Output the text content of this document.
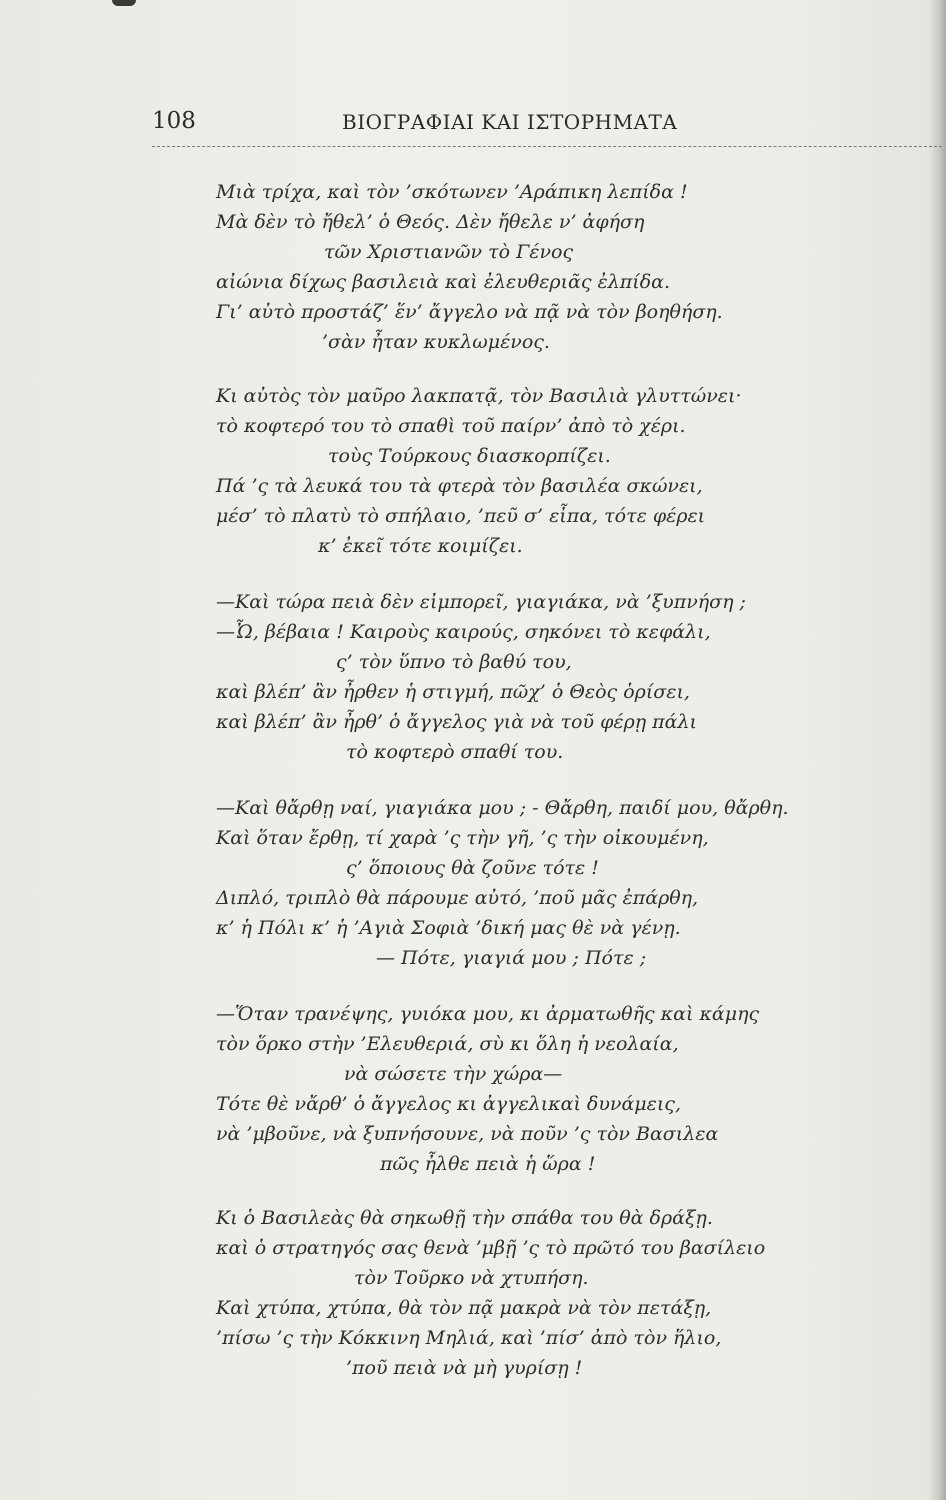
108	ΒΙΟΓΡΑΦΙΑΙ ΚΑΙ ΙΣΤΟΡΗΜΑΤΑ
Μιὰ τρίχα, καὶ τὸν ’σκότωνεν ’Αράπικη λεπίδα !
Μὰ δὲν τὸ ἤθελ’ ὁ Θεός. Δὲν ἤθελε ν’ ἀφήση
τῶν Χριστιανῶν τὸ Γένος
αἰώνια δίχως βασιλειὰ καὶ ἐλευθεριᾶς ἐλπίδα.
Γι’ αὐτὸ προστάζ’ ἕν’ ἄγγελο νὰ πᾷ νὰ τὸν βοηθήση.
’σὰν ἦταν κυκλωμένος.
Κι αὐτὸς τὸν μαῦρο λακπατᾷ, τὸν Βασιλιὰ γλυττώνει·
τὸ κοφτερό του τὸ σπαθὶ τοῦ παίρν’ ἀπὸ τὸ χέρι.
τοὺς Τούρκους διασκορπίζει.
Πά ’ς τὰ λευκά του τὰ φτερὰ τὸν βασιλέα σκώνει,
μέσ’ τὸ πλατὺ τὸ σπήλαιο, ’πεῦ σ’ εἶπα, τότε φέρει
κ’ ἐκεῖ τότε κοιμίζει.
—Καὶ τώρα πειὰ δὲν εἰμπορεῖ, γιαγιάκα, νὰ ’ξυπνήση ;
—Ὦ, βέβαια ! Καιροὺς καιρούς, σηκόνει τὸ κεφάλι,
ς’ τὸν ὕπνο τὸ βαθύ του,
καὶ βλέπ’ ἂν ἦρθεν ἡ στιγμή, πῶχ’ ὁ Θεὸς ὁρίσει,
καὶ βλέπ’ ἂν ἦρθ’ ὁ ἄγγελος γιὰ νὰ τοῦ φέρῃ πάλι
τὸ κοφτερὸ σπαθί του.
—Καὶ θἄρθῃ ναί, γιαγιάκα μου ; - Θἄρθη, παιδί μου, θἄρθη.
Καὶ ὅταν ἔρθῃ, τί χαρὰ ’ς τὴν γῆ, ’ς τὴν οἰκουμένη,
ς’ ὅποιους θὰ ζοῦνε τότε !
Διπλό, τριπλὸ θὰ πάρουμε αὐτό, ’ποῦ μᾶς ἐπάρθη,
κ’ ἡ Πόλι κ’ ἡ ’Αγιὰ Σοφιὰ ’δική μας θὲ νὰ γένῃ.
— Πότε, γιαγιά μου ; Πότε ;
—Ὅταν τρανέψης, γυιόκα μου, κι ἀρματωθῆς καὶ κάμης
τὸν ὅρκο στὴν ’Ελευθεριά, σὺ κι ὅλη ἡ νεολαία,
νὰ σώσετε τὴν χώρα—
Τότε θὲ νἄρθ’ ὁ ἄγγελος κι ἀγγελικαὶ δυνάμεις,
νὰ ’μβοῦνε, νὰ ξυπνήσουνε, νὰ ποῦν ’ς τὸν Βασιλεα
πῶς ἦλθε πειὰ ἡ ὥρα !
Κι ὁ Βασιλεὰς θὰ σηκωθῇ τὴν σπάθα του θὰ δράξῃ.
καὶ ὁ στρατηγός σας θενὰ ’μβῇ ’ς τὸ πρῶτό του βασίλειο
τὸν Τοῦρκο νὰ χτυπήση.
Καὶ χτύπα, χτύπα, θὰ τὸν πᾷ μακρὰ νὰ τὸν πετάξῃ,
’πίσω ’ς τὴν Κόκκινη Μηλιά, καὶ ’πίσ’ ἀπὸ τὸν ἥλιο,
’ποῦ πειὰ νὰ μὴ γυρίσῃ !
